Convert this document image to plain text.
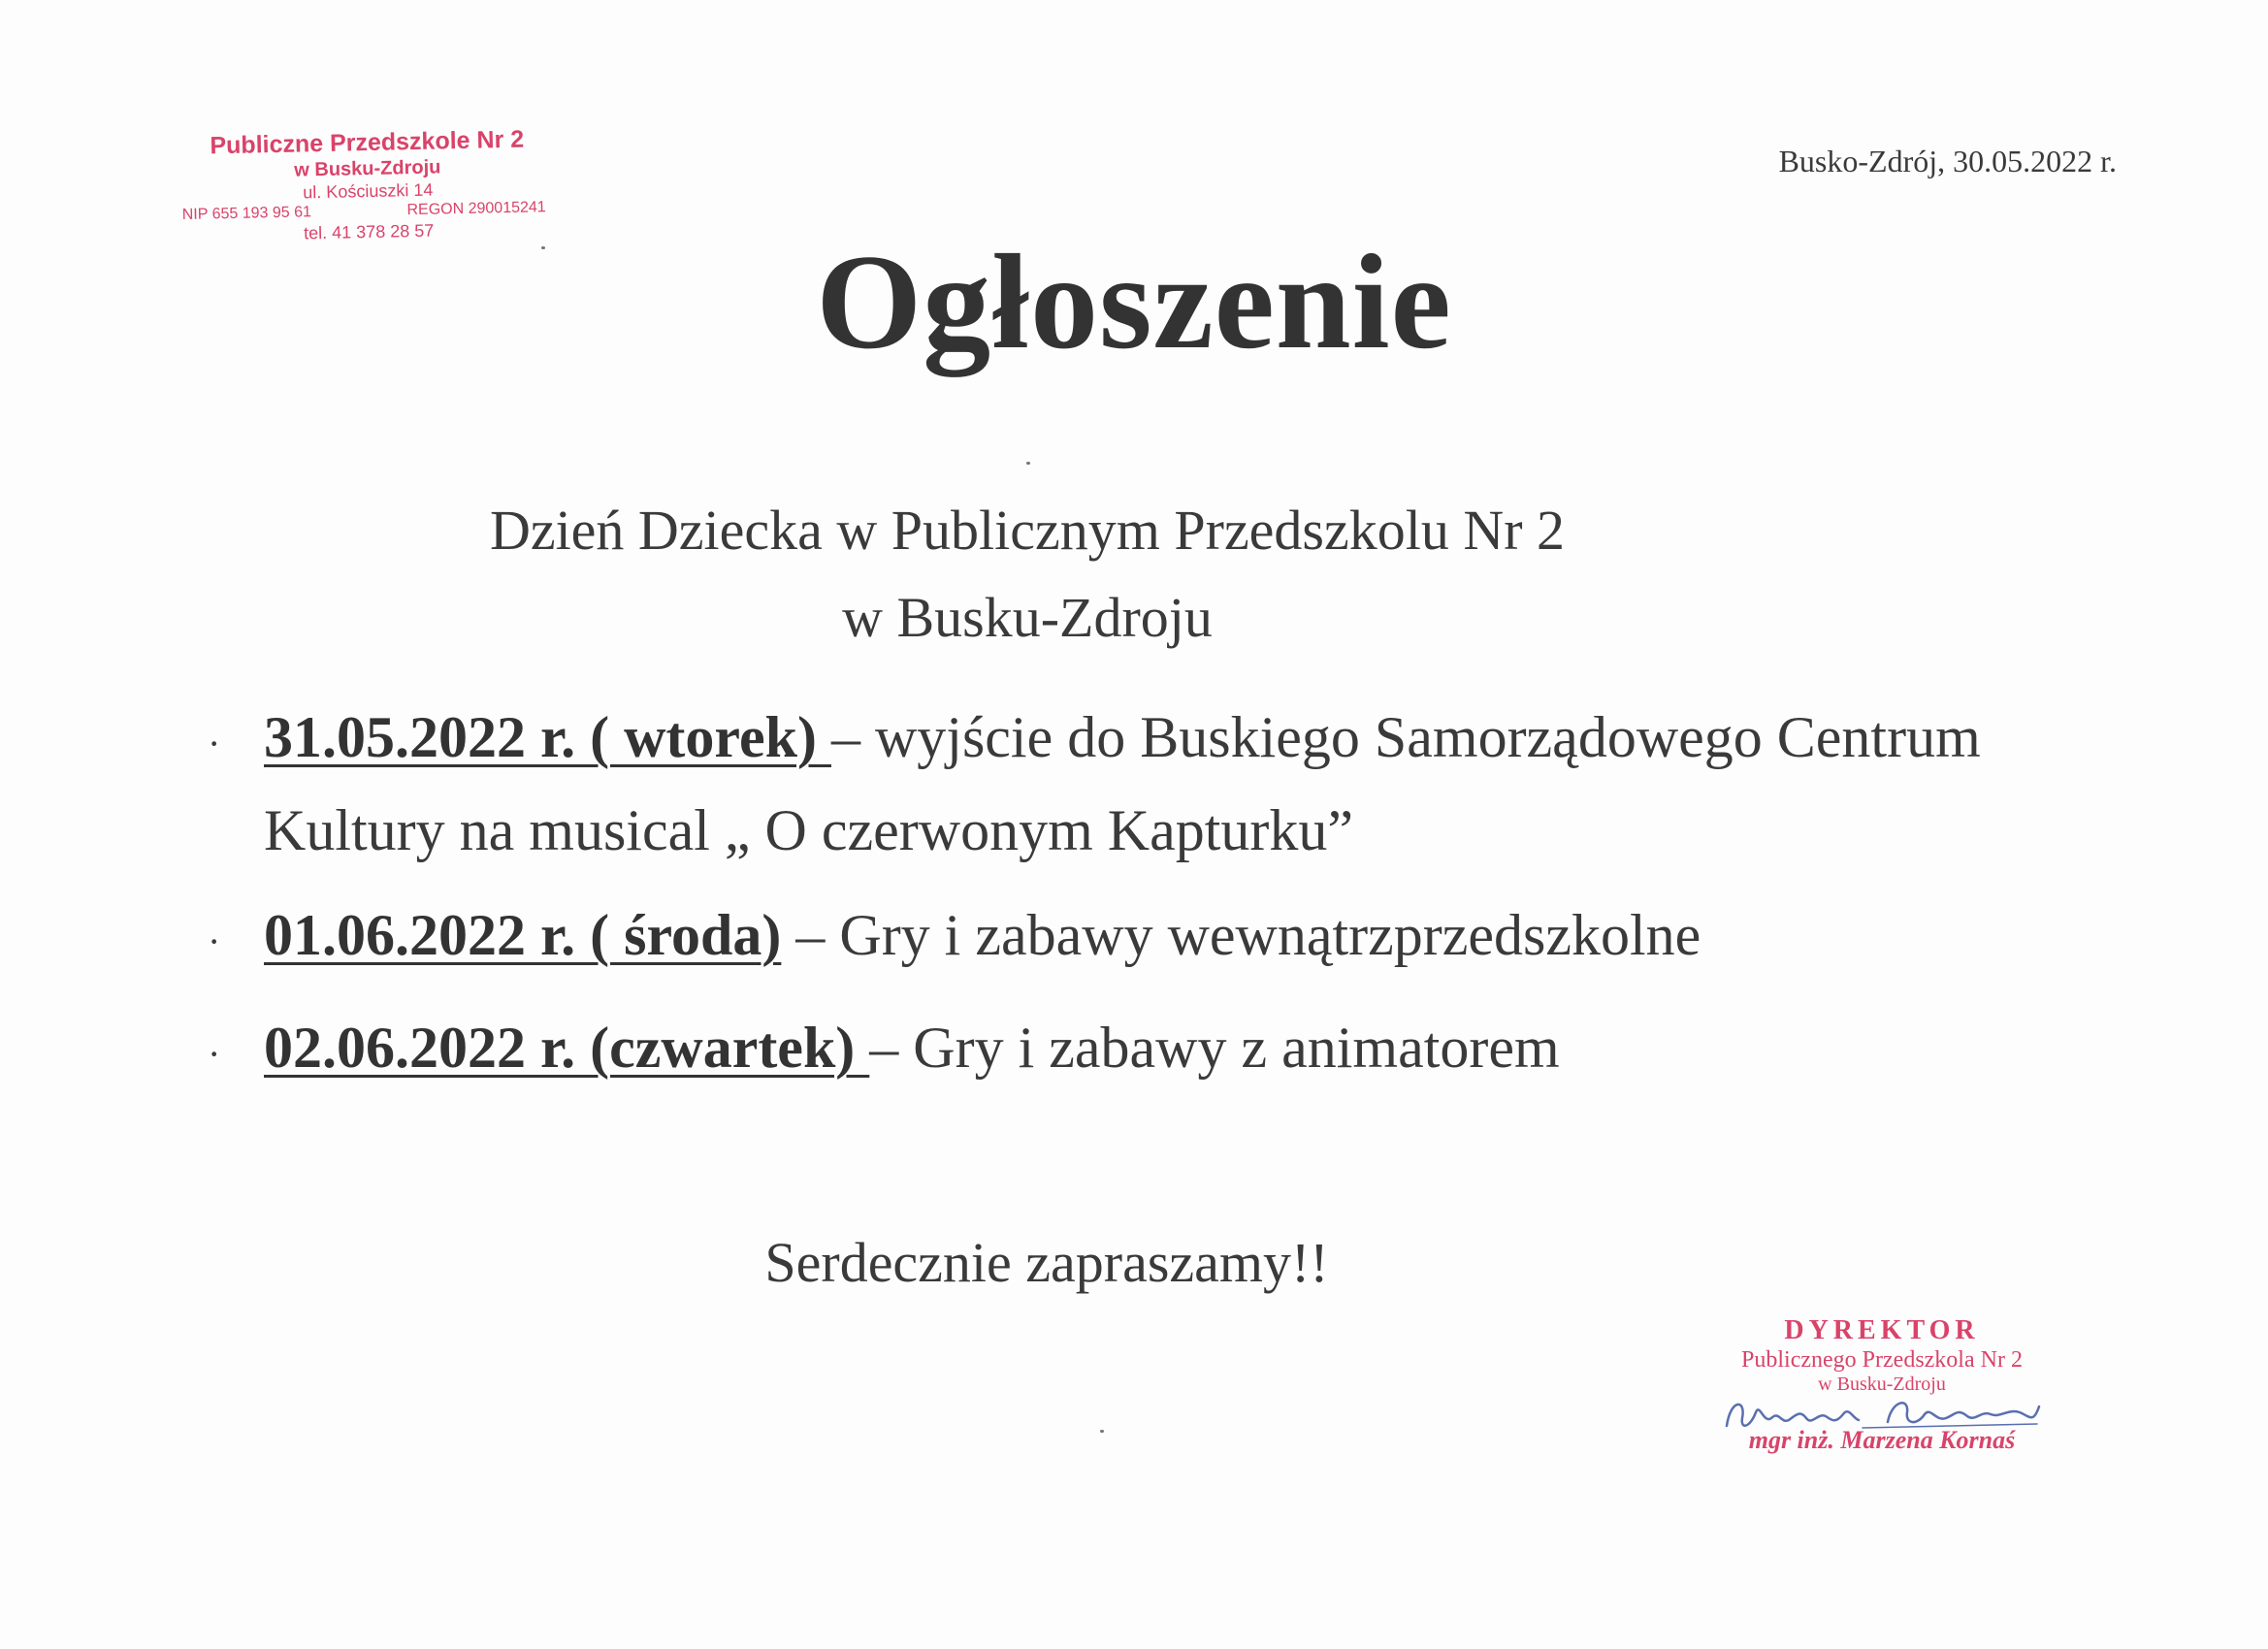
Publiczne Przedszkole Nr 2
w Busku-Zdroju
ul. Kościuszki 14
NIP 655 193 95 61	REGON 290015241
tel. 41 378 28 57
Busko-Zdrój, 30.05.2022 r.
Ogłoszenie
Dzień Dziecka w Publicznym Przedszkolu Nr 2
w Busku-Zdroju
· 31.05.2022 r. ( wtorek) – wyjście do Buskiego Samorządowego Centrum Kultury na musical „ O czerwonym Kapturku”
· 01.06.2022 r. ( środa) – Gry i zabawy wewnątrzprzedszkolne
· 02.06.2022 r. (czwartek) – Gry i zabawy z animatorem
Serdecznie zapraszamy!!
DYREKTOR
Publicznego Przedszkola Nr 2
w Busku-Zdroju
mgr inż. Marzena Kornaś
